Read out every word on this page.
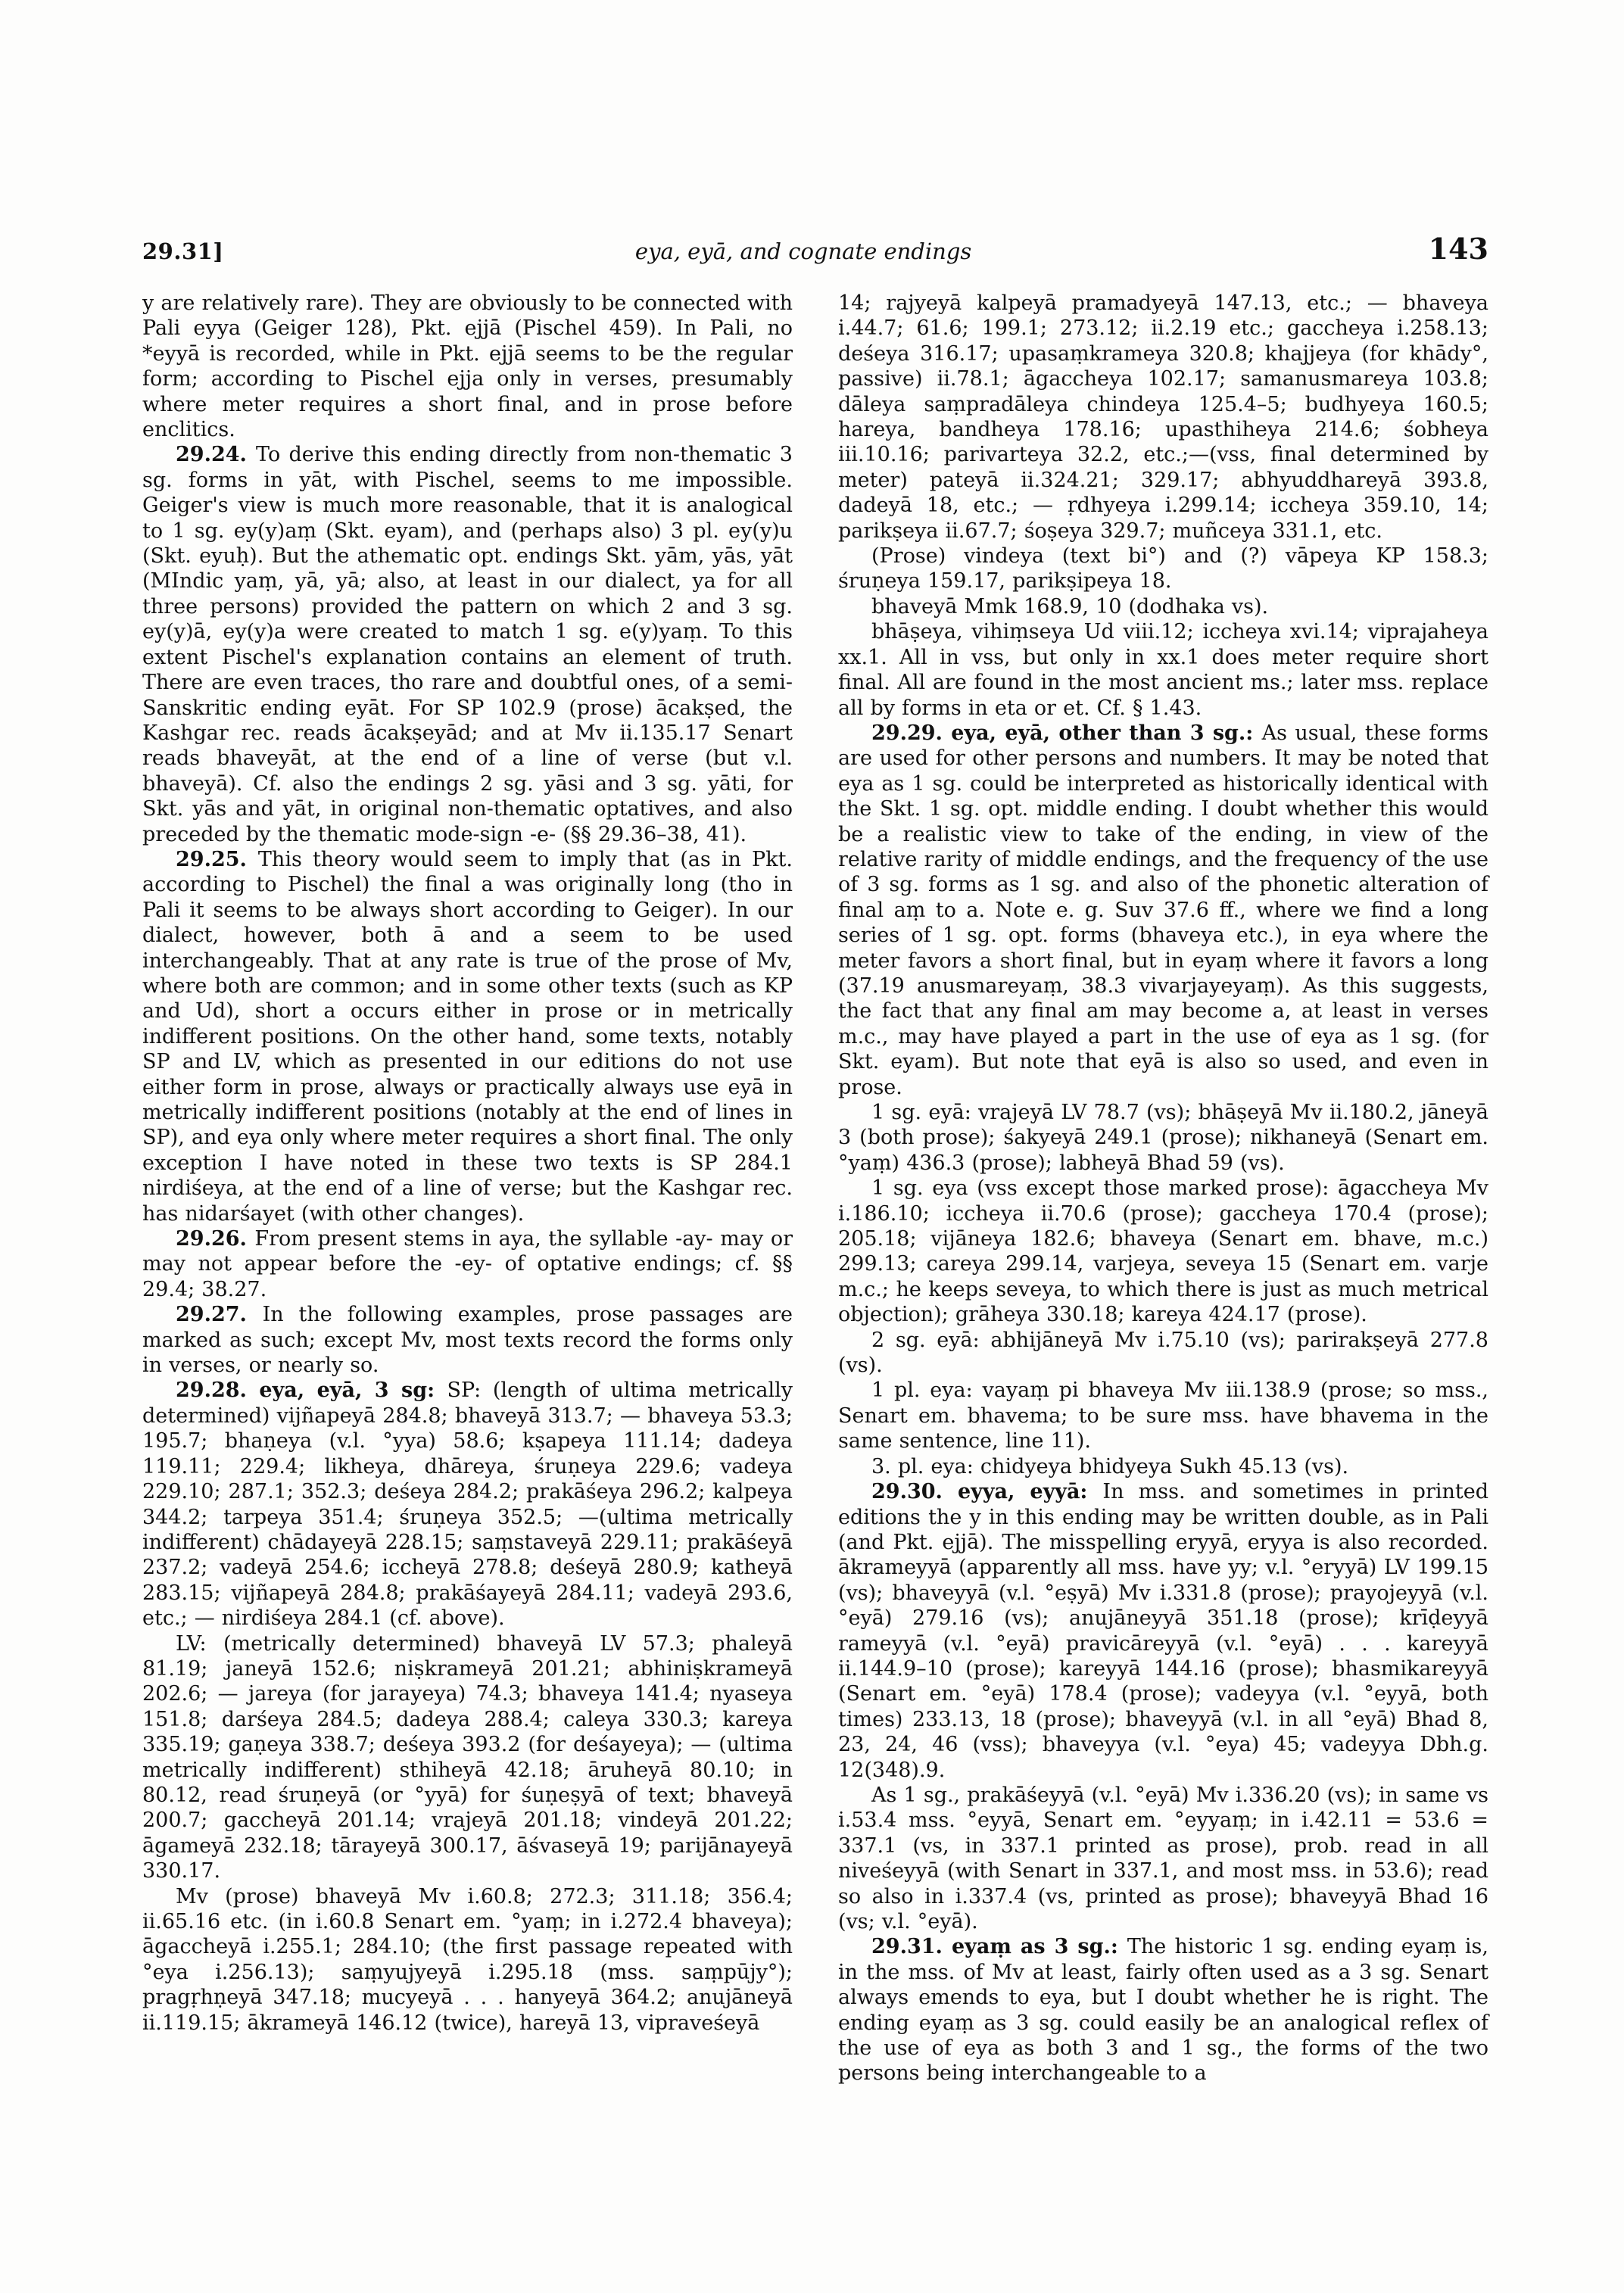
29.31]	eya, eyā, and cognate endings	143

y are relatively rare). They are obviously to be connected with Pali eyya (Geiger 128), Pkt. ejjā (Pischel 459). In Pali, no *eyyā is recorded, while in Pkt. ejjā seems to be the regular form; according to Pischel ejja only in verses, presumably where meter requires a short final, and in prose before enclitics.

29.24. To derive this ending directly from non-thematic 3 sg. forms in yāt, with Pischel, seems to me impossible. Geiger's view is much more reasonable, that it is analogical to 1 sg. ey(y)aṃ (Skt. eyam), and (perhaps also) 3 pl. ey(y)u (Skt. eyuḥ). But the athematic opt. endings Skt. yām, yās, yāt (MIndic yaṃ, yā, yā; also, at least in our dialect, ya for all three persons) provided the pattern on which 2 and 3 sg. ey(y)ā, ey(y)a were created to match 1 sg. e(y)yaṃ. To this extent Pischel's explanation contains an element of truth. There are even traces, tho rare and doubtful ones, of a semi-Sanskritic ending eyāt. For SP 102.9 (prose) ācakṣed, the Kashgar rec. reads ācakṣeyād; and at Mv ii.135.17 Senart reads bhaveyāt, at the end of a line of verse (but v.l. bhaveyā). Cf. also the endings 2 sg. yāsi and 3 sg. yāti, for Skt. yās and yāt, in original non-thematic optatives, and also preceded by the thematic mode-sign -e- (§§ 29.36–38, 41).

29.25. This theory would seem to imply that (as in Pkt. according to Pischel) the final a was originally long (tho in Pali it seems to be always short according to Geiger). In our dialect, however, both ā and a seem to be used interchangeably. That at any rate is true of the prose of Mv, where both are common; and in some other texts (such as KP and Ud), short a occurs either in prose or in metrically indifferent positions. On the other hand, some texts, notably SP and LV, which as presented in our editions do not use either form in prose, always or practically always use eyā in metrically indifferent positions (notably at the end of lines in SP), and eya only where meter requires a short final. The only exception I have noted in these two texts is SP 284.1 nirdiśeya, at the end of a line of verse; but the Kashgar rec. has nidarśayet (with other changes).

29.26. From present stems in aya, the syllable -ay- may or may not appear before the -ey- of optative endings; cf. §§ 29.4; 38.27.

29.27. In the following examples, prose passages are marked as such; except Mv, most texts record the forms only in verses, or nearly so.

29.28. eya, eyā, 3 sg: SP: (length of ultima metrically determined) vijñapeyā 284.8; bhaveyā 313.7; — bhaveya 53.3; 195.7; bhaṇeya (v.l. °yya) 58.6; kṣapeya 111.14; dadeya 119.11; 229.4; likheya, dhāreya, śruṇeya 229.6; vadeya 229.10; 287.1; 352.3; deśeya 284.2; prakāśeya 296.2; kalpeya 344.2; tarpeya 351.4; śruṇeya 352.5; —(ultima metrically indifferent) chādayeyā 228.15; saṃstaveyā 229.11; prakāśeyā 237.2; vadeyā 254.6; iccheyā 278.8; deśeyā 280.9; katheyā 283.15; vijñapeyā 284.8; prakāśayeyā 284.11; vadeyā 293.6, etc.; — nirdiśeya 284.1 (cf. above).

LV: (metrically determined) bhaveyā LV 57.3; phaleyā 81.19; janeyā 152.6; niṣkrameyā 201.21; abhiniṣkrameyā 202.6; — jareya (for jarayeya) 74.3; bhaveya 141.4; nyaseya 151.8; darśeya 284.5; dadeya 288.4; caleya 330.3; kareya 335.19; gaṇeya 338.7; deśeya 393.2 (for deśayeya); — (ultima metrically indifferent) sthiheyā 42.18; āruheyā 80.10; in 80.12, read śruṇeyā (or °yyā) for śuṇeṣyā of text; bhaveyā 200.7; gaccheyā 201.14; vrajeyā 201.18; vindeyā 201.22; āgameyā 232.18; tārayeyā 300.17, āśvaseyā 19; parijānayeyā 330.17.

Mv (prose) bhaveyā Mv i.60.8; 272.3; 311.18; 356.4; ii.65.16 etc. (in i.60.8 Senart em. °yaṃ; in i.272.4 bhaveya); āgaccheyā i.255.1; 284.10; (the first passage repeated with °eya i.256.13); saṃyujyeyā i.295.18 (mss. saṃpūjy°); pragṛhṇeyā 347.18; mucyeyā . . . hanyeyā 364.2; anujāneyā ii.119.15; ākrameyā 146.12 (twice), hareyā 13, vipraveśeyā

14; rajyeyā kalpeyā pramadyeyā 147.13, etc.; — bhaveya i.44.7; 61.6; 199.1; 273.12; ii.2.19 etc.; gaccheya i.258.13; deśeya 316.17; upasaṃkrameya 320.8; khajjeya (for khādy°, passive) ii.78.1; āgaccheya 102.17; samanusmareya 103.8; dāleya saṃpradāleya chindeya 125.4–5; budhyeya 160.5; hareya, bandheya 178.16; upasthiheya 214.6; śobheya iii.10.16; parivarteya 32.2, etc.;—(vss, final determined by meter) pateyā ii.324.21; 329.17; abhyuddhareyā 393.8, dadeyā 18, etc.; — ṛdhyeya i.299.14; iccheya 359.10, 14; parikṣeya ii.67.7; śoṣeya 329.7; muñceya 331.1, etc.

(Prose) vindeya (text bi°) and (?) vāpeya KP 158.3; śruṇeya 159.17, parikṣipeya 18.

bhaveyā Mmk 168.9, 10 (dodhaka vs).

bhāṣeya, vihiṃseya Ud viii.12; iccheya xvi.14; viprajaheya xx.1. All in vss, but only in xx.1 does meter require short final. All are found in the most ancient ms.; later mss. replace all by forms in eta or et. Cf. § 1.43.

29.29. eya, eyā, other than 3 sg.: As usual, these forms are used for other persons and numbers. It may be noted that eya as 1 sg. could be interpreted as historically identical with the Skt. 1 sg. opt. middle ending. I doubt whether this would be a realistic view to take of the ending, in view of the relative rarity of middle endings, and the frequency of the use of 3 sg. forms as 1 sg. and also of the phonetic alteration of final aṃ to a. Note e. g. Suv 37.6 ff., where we find a long series of 1 sg. opt. forms (bhaveya etc.), in eya where the meter favors a short final, but in eyaṃ where it favors a long (37.19 anusmareyaṃ, 38.3 vivarjayeyaṃ). As this suggests, the fact that any final am may become a, at least in verses m.c., may have played a part in the use of eya as 1 sg. (for Skt. eyam). But note that eyā is also so used, and even in prose.

1 sg. eyā: vrajeyā LV 78.7 (vs); bhāṣeyā Mv ii.180.2, jāneyā 3 (both prose); śakyeyā 249.1 (prose); nikhaneyā (Senart em. °yaṃ) 436.3 (prose); labheyā Bhad 59 (vs).

1 sg. eya (vss except those marked prose): āgaccheya Mv i.186.10; iccheya ii.70.6 (prose); gaccheya 170.4 (prose); 205.18; vijāneya 182.6; bhaveya (Senart em. bhave, m.c.) 299.13; careya 299.14, varjeya, seveya 15 (Senart em. varje m.c.; he keeps seveya, to which there is just as much metrical objection); grāheya 330.18; kareya 424.17 (prose).

2 sg. eyā: abhijāneyā Mv i.75.10 (vs); parirakṣeyā 277.8 (vs).

1 pl. eya: vayaṃ pi bhaveya Mv iii.138.9 (prose; so mss., Senart em. bhavema; to be sure mss. have bhavema in the same sentence, line 11).

3. pl. eya: chidyeya bhidyeya Sukh 45.13 (vs).

29.30. eyya, eyyā: In mss. and sometimes in printed editions the y in this ending may be written double, as in Pali (and Pkt. ejjā). The misspelling eryyā, eryya is also recorded. ākrameyyā (apparently all mss. have yy; v.l. °eryyā) LV 199.15 (vs); bhaveyyā (v.l. °eṣyā) Mv i.331.8 (prose); prayojeyyā (v.l. °eyā) 279.16 (vs); anujāneyyā 351.18 (prose); krīḍeyyā rameyyā (v.l. °eyā) pravicāreyyā (v.l. °eyā) . . . kareyyā ii.144.9–10 (prose); kareyyā 144.16 (prose); bhasmikareyyā (Senart em. °eyā) 178.4 (prose); vadeyya (v.l. °eyyā, both times) 233.13, 18 (prose); bhaveyyā (v.l. in all °eyā) Bhad 8, 23, 24, 46 (vss); bhaveyya (v.l. °eya) 45; vadeyya Dbh.g. 12(348).9.

As 1 sg., prakāśeyyā (v.l. °eyā) Mv i.336.20 (vs); in same vs i.53.4 mss. °eyyā, Senart em. °eyyaṃ; in i.42.11 = 53.6 = 337.1 (vs, in 337.1 printed as prose), prob. read in all niveśeyyā (with Senart in 337.1, and most mss. in 53.6); read so also in i.337.4 (vs, printed as prose); bhaveyyā Bhad 16 (vs; v.l. °eyā).

29.31. eyaṃ as 3 sg.: The historic 1 sg. ending eyaṃ is, in the mss. of Mv at least, fairly often used as a 3 sg. Senart always emends to eya, but I doubt whether he is right. The ending eyaṃ as 3 sg. could easily be an analogical reflex of the use of eya as both 3 and 1 sg., the forms of the two persons being interchangeable to a
